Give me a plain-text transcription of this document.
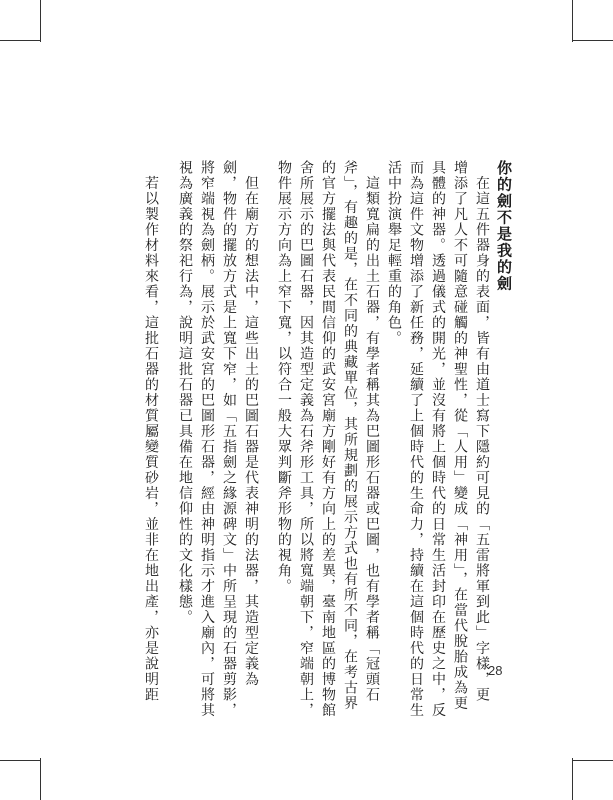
你的劍不是我的劍
　在這五件器身的表面，皆有由道士寫下隱約可見的「五雷將軍到此」字樣，更
增添了凡人不可隨意碰觸的神聖性，從「人用」變成「神用」，在當代脫胎成為更
具體的神器。透過儀式的開光，並沒有將上個時代的日常生活封印在歷史之中，反
而為這件文物增添了新任務，延續了上個時代的生命力，持續在這個時代的日常生
活中扮演舉足輕重的角色。
　這類寬扁的出土石器，有學者稱其為巴圖形石器或巴圖，也有學者稱「冠頭石
斧」，有趣的是，在不同的典藏單位，其所規劃的展示方式也有所不同，在考古界
的官方擺法與代表民間信仰的武安宮廟方剛好有方向上的差異，臺南地區的博物館
舍所展示的巴圖石器，因其造型定義為石斧形工具，所以將寬端朝下，窄端朝上，
物件展示方向為上窄下寬，以符合一般大眾判斷斧形物的視角。
　但在廟方的想法中，這些出土的巴圖石器是代表神明的法器，其造型定義為
劍，物件的擺放方式是上寬下窄，如「五指劍之緣源碑文」中所呈現的石器剪影，
將窄端視為劍柄。展示於武安宮的巴圖形石器，經由神明指示才進入廟內，可將其
視為廣義的祭祀行為，說明這批石器已具備在地信仰性的文化樣態。
　若以製作材料來看，這批石器的材質屬變質砂岩，並非在地出產，亦是說明距	28
